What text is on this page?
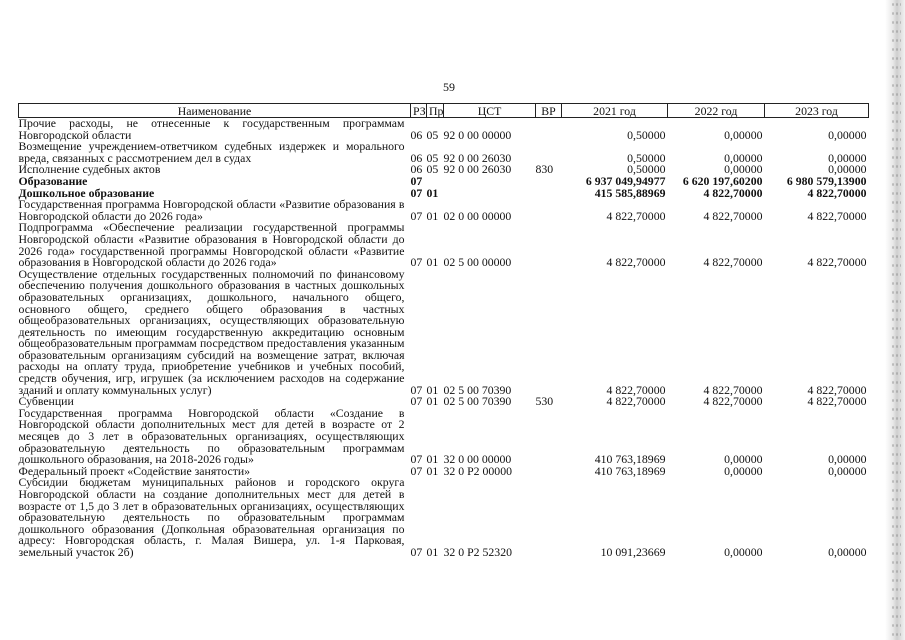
59
Наименование	РЗ	Пр	ЦСТ	ВР	2021 год	2022 год	2023 год
Прочие расходы, не отнесенные к государственным программам Новгородской области	06	05	92 0 00 00000		0,50000	0,00000	0,00000
Возмещение учреждением-ответчиком судебных издержек и морального вреда, связанных с рассмотрением дел в судах	06	05	92 0 00 26030		0,50000	0,00000	0,00000
Исполнение судебных актов	06	05	92 0 00 26030	830	0,50000	0,00000	0,00000
Образование	07				6 937 049,94977	6 620 197,60200	6 980 579,13900
Дошкольное образование	07	01			415 585,88969	4 822,70000	4 822,70000
Государственная программа Новгородской области «Развитие образования в Новгородской области до 2026 года»	07	01	02 0 00 00000		4 822,70000	4 822,70000	4 822,70000
Подпрограмма «Обеспечение реализации государственной программы Новгородской области «Развитие образования в Новгородской области до 2026 года» государственной программы Новгородской области «Развитие образования в Новгородской области до 2026 года»	07	01	02 5 00 00000		4 822,70000	4 822,70000	4 822,70000
Осуществление отдельных государственных полномочий по финансовому обеспечению получения дошкольного образования в частных дошкольных образовательных организациях, дошкольного, начального общего, основного общего, среднего общего образования в частных общеобразовательных организациях, осуществляющих образовательную деятельность по имеющим государственную аккредитацию основным общеобразовательным программам посредством предоставления указанным образовательным организациям субсидий на возмещение затрат, включая расходы на оплату труда, приобретение учебников и учебных пособий, средств обучения, игр, игрушек (за исключением расходов на содержание зданий и оплату коммунальных услуг)	07	01	02 5 00 70390		4 822,70000	4 822,70000	4 822,70000
Субвенции	07	01	02 5 00 70390	530	4 822,70000	4 822,70000	4 822,70000
Государственная программа Новгородской области «Создание в Новгородской области дополнительных мест для детей в возрасте от 2 месяцев до 3 лет в образовательных организациях, осуществляющих образовательную деятельность по образовательным программам дошкольного образования, на 2018-2026 годы»	07	01	32 0 00 00000		410 763,18969	0,00000	0,00000
Федеральный проект «Содействие занятости»	07	01	32 0 P2 00000		410 763,18969	0,00000	0,00000
Субсидии бюджетам муниципальных районов и городского округа Новгородской области на создание дополнительных мест для детей в возрасте от 1,5 до 3 лет в образовательных организациях, осуществляющих образовательную деятельность по образовательным программам дошкольного образования (Допкольная образовательная организация по адресу: Новгородская область, г. Малая Вишера, ул. 1-я Парковая, земельный участок 2б)	07	01	32 0 P2 52320		10 091,23669	0,00000	0,00000
